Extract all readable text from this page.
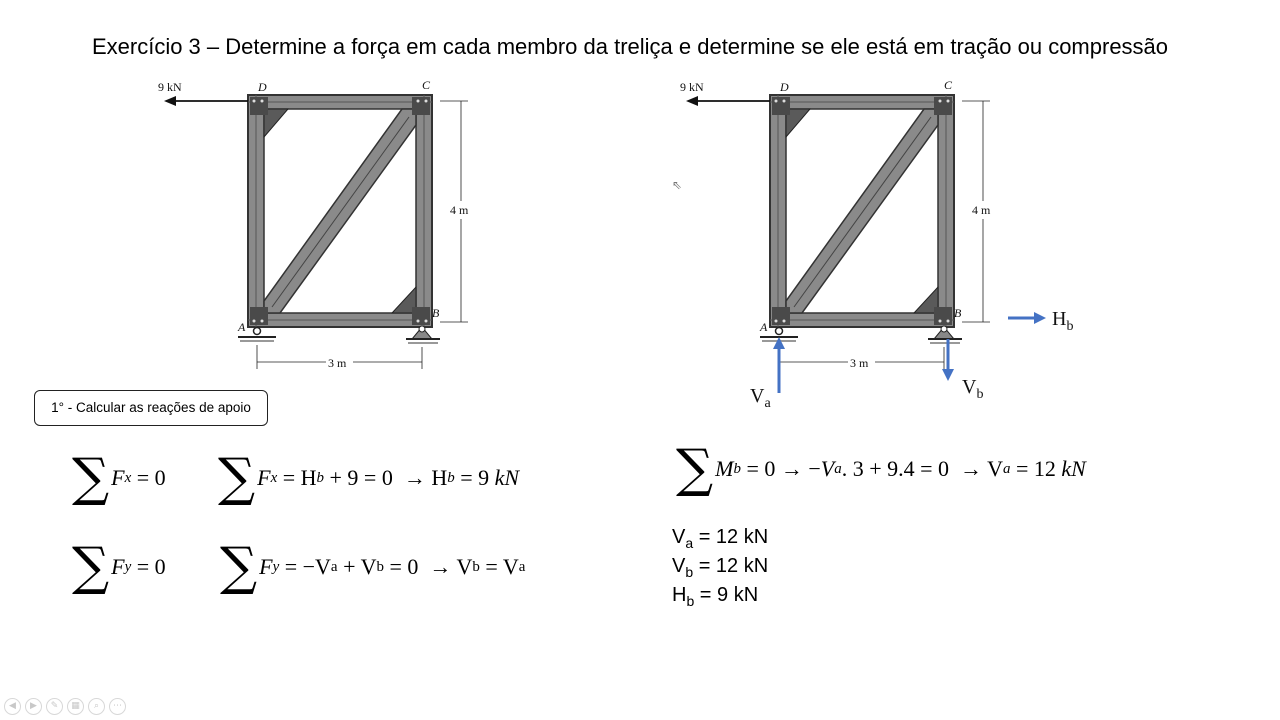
Exercício 3 – Determine a força em cada membro da treliça e determine se ele está em tração ou compressão
9 kN	D	C
A
B
4 m
3 m
9 kN	D	C
A
B
4 m
3 m
$V_a$
$V_b$
$H_b$
⇖
1° - Calcular as reações de apoio
∑ F x
= 0 ∑ F x = H b + 9 = 0  → H b = 9 kN
∑ F y
= 0 ∑ F y = −V a + V b = 0  → V b = V a
∑ M b = 0 → − V a . 3 + 9.4 = 0  → V a = 12 kN
$V_a = 12$ kN
$V_b = 12$ kN
$H_b = 9$ kN
◀	▶	✎	▦	⌕	⋯
